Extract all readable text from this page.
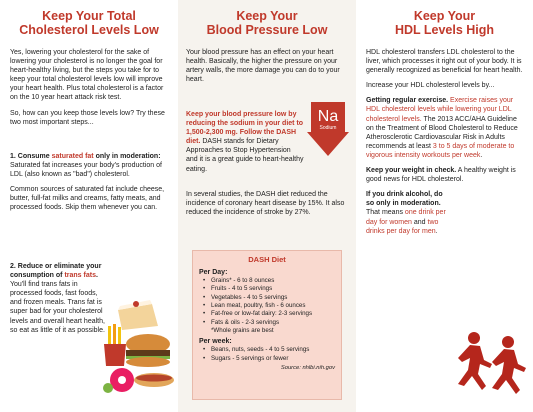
Keep Your Total
Cholesterol Levels Low

Yes, lowering your cholesterol for the sake of lowering your cholesterol is no longer the goal for heart-healthy living, but the steps you take for to keep your total cholesterol levels low will improve your heart health. Plus total cholesterol is a factor on the 10 year heart attack risk test.

So, how can you keep those levels low? Try these two most important steps...

1. Consume saturated fat only in moderation: Saturated fat increases your body's production of LDL (also known as "bad") cholesterol.

Common sources of saturated fat include cheese, butter, full-fat milks and creams, fatty meats, and processed foods. Skip them whenever you can.

2. Reduce or eliminate your consumption of trans fats. You'll find trans fats in processed foods, fast foods, and frozen meals. Trans fat is super bad for your cholesterol levels and overall heart health, so eat as little of it as possible.

Keep Your
Blood Pressure Low

Your blood pressure has an effect on your heart health. Basically, the higher the pressure on your artery walls, the more damage you can do to your heart.

Keep your blood pressure low by reducing the sodium in your diet to 1,500-2,300 mg. Follow the DASH diet. DASH stands for Dietary Approaches to Stop Hypertension and it is a great guide to heart-healthy eating.

Na
Sodium

In several studies, the DASH diet reduced the incidence of coronary heart disease by 15%. It also reduced the incidence of stroke by 27%.

DASH Diet
Per Day:
• Grains* - 6 to 8 ounces
• Fruits - 4 to 5 servings
• Vegetables - 4 to 5 servings
• Lean meat, poultry, fish - 6 ounces
• Fat-free or low-fat dairy: 2-3 servings
• Fats & oils - 2-3 servings
*Whole grains are best
Per week:
• Beans, nuts, seeds - 4 to 5 servings
• Sugars - 5 servings or fewer
Source: nhlbi.nih.gov
Keep Your
HDL Levels High

HDL cholesterol transfers LDL cholesterol to the liver, which processes it right out of your body. It is generally recognized as beneficial for heart health.

Increase your HDL cholesterol levels by...

Getting regular exercise. Exercise raises your HDL cholesterol levels while lowering your LDL cholesterol levels. The 2013 ACC/AHA Guideline on the Treatment of Blood Cholesterol to Reduce Atherosclerotic Cardiovascular Risk in Adults recommends at least 3 to 5 days of moderate to vigorous intensity workouts per week.

Keep your weight in check. A healthy weight is good news for HDL cholesterol.

If you drink alcohol, do so only in moderation. That means one drink per day for women and two drinks per day for men.
